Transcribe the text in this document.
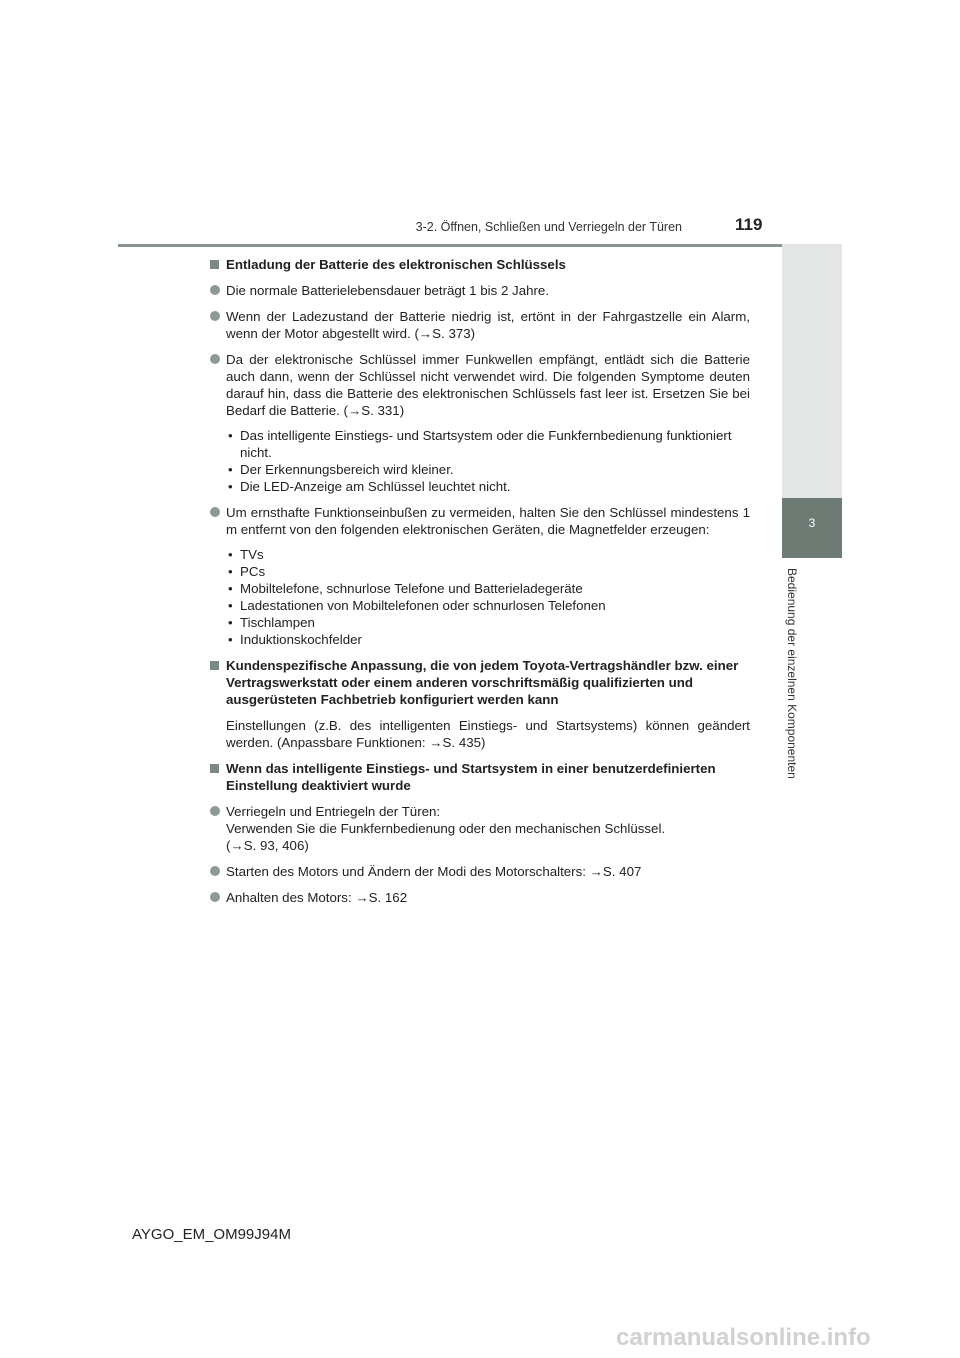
3-2. Öffnen, Schließen und Verriegeln der Türen	119
3
Bedienung der einzelnen Komponenten
Entladung der Batterie des elektronischen Schlüssels
Die normale Batterielebensdauer beträgt 1 bis 2 Jahre.
Wenn der Ladezustand der Batterie niedrig ist, ertönt in der Fahrgastzelle ein Alarm, wenn der Motor abgestellt wird. (→S. 373)
Da der elektronische Schlüssel immer Funkwellen empfängt, entlädt sich die Batterie auch dann, wenn der Schlüssel nicht verwendet wird. Die folgenden Symptome deuten darauf hin, dass die Batterie des elektronischen Schlüssels fast leer ist. Ersetzen Sie bei Bedarf die Batterie. (→S. 331)
• Das intelligente Einstiegs- und Startsystem oder die Funkfernbedienung funktioniert nicht.
• Der Erkennungsbereich wird kleiner.
• Die LED-Anzeige am Schlüssel leuchtet nicht.
Um ernsthafte Funktionseinbußen zu vermeiden, halten Sie den Schlüssel mindestens 1 m entfernt von den folgenden elektronischen Geräten, die Magnetfelder erzeugen:
• TVs
• PCs
• Mobiltelefone, schnurlose Telefone und Batterieladegeräte
• Ladestationen von Mobiltelefonen oder schnurlosen Telefonen
• Tischlampen
• Induktionskochfelder
Kundenspezifische Anpassung, die von jedem Toyota-Vertragshändler bzw. einer Vertragswerkstatt oder einem anderen vorschriftsmäßig qualifizierten und ausgerüsteten Fachbetrieb konfiguriert werden kann
Einstellungen (z.B. des intelligenten Einstiegs- und Startsystems) können geändert werden. (Anpassbare Funktionen: →S. 435)
Wenn das intelligente Einstiegs- und Startsystem in einer benutzerdefinierten Einstellung deaktiviert wurde
Verriegeln und Entriegeln der Türen:
Verwenden Sie die Funkfernbedienung oder den mechanischen Schlüssel.
(→S. 93, 406)
Starten des Motors und Ändern der Modi des Motorschalters: →S. 407
Anhalten des Motors: →S. 162
AYGO_EM_OM99J94M
carmanualsonline.info
